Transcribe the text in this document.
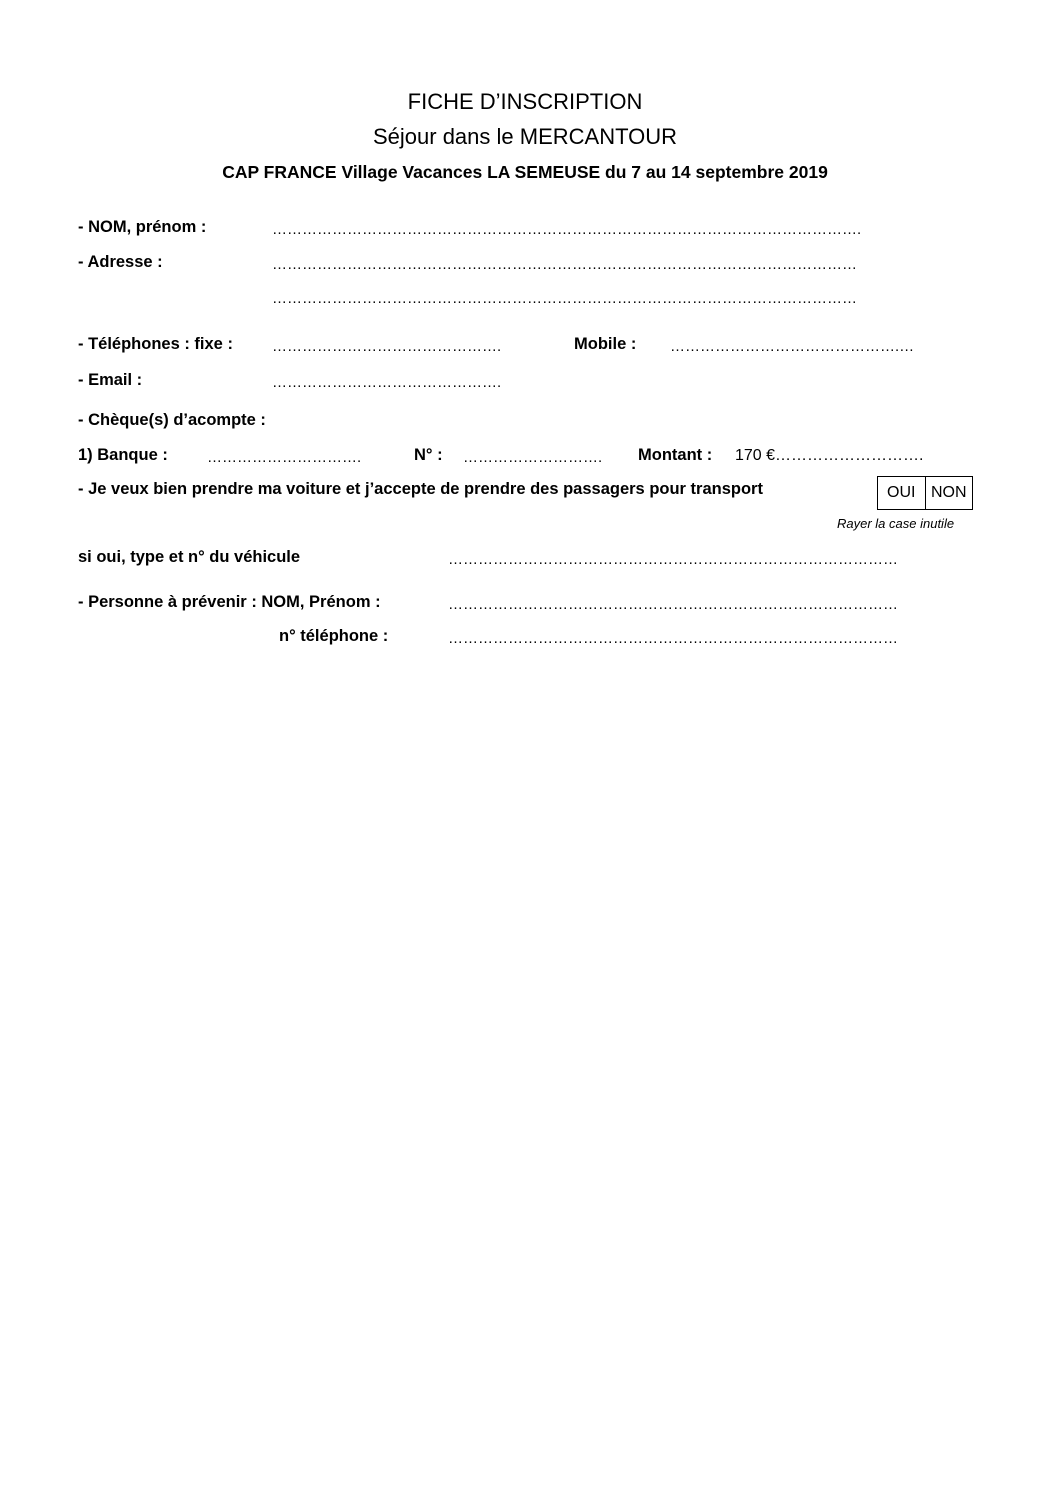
FICHE D’INSCRIPTION
Séjour dans le MERCANTOUR
CAP FRANCE Village Vacances LA SEMEUSE du 7 au 14 septembre 2019
- NOM, prénom :	……………………………………………………………………………………………………….
- Adresse :	………………………………………………………………………………………………………
………………………………………………………………………………………………………
- Téléphones : fixe :	……………………………………….	Mobile : ……………………………………….…
- Email :	……………………………………….
- Chèque(s) d’acompte :
1) Banque :	………………………….	N° : ……………………….	Montant : 170 €……………………….
- Je veux bien prendre ma voiture et j’accepte de prendre des passagers pour transport	OUI NON
Rayer la case inutile
si oui, type et n° du véhicule	………………………………………………………………………………
- Personne à prévenir : NOM, Prénom :	………………………………………………………………………………
n° téléphone :	………………………………………………………………………………
